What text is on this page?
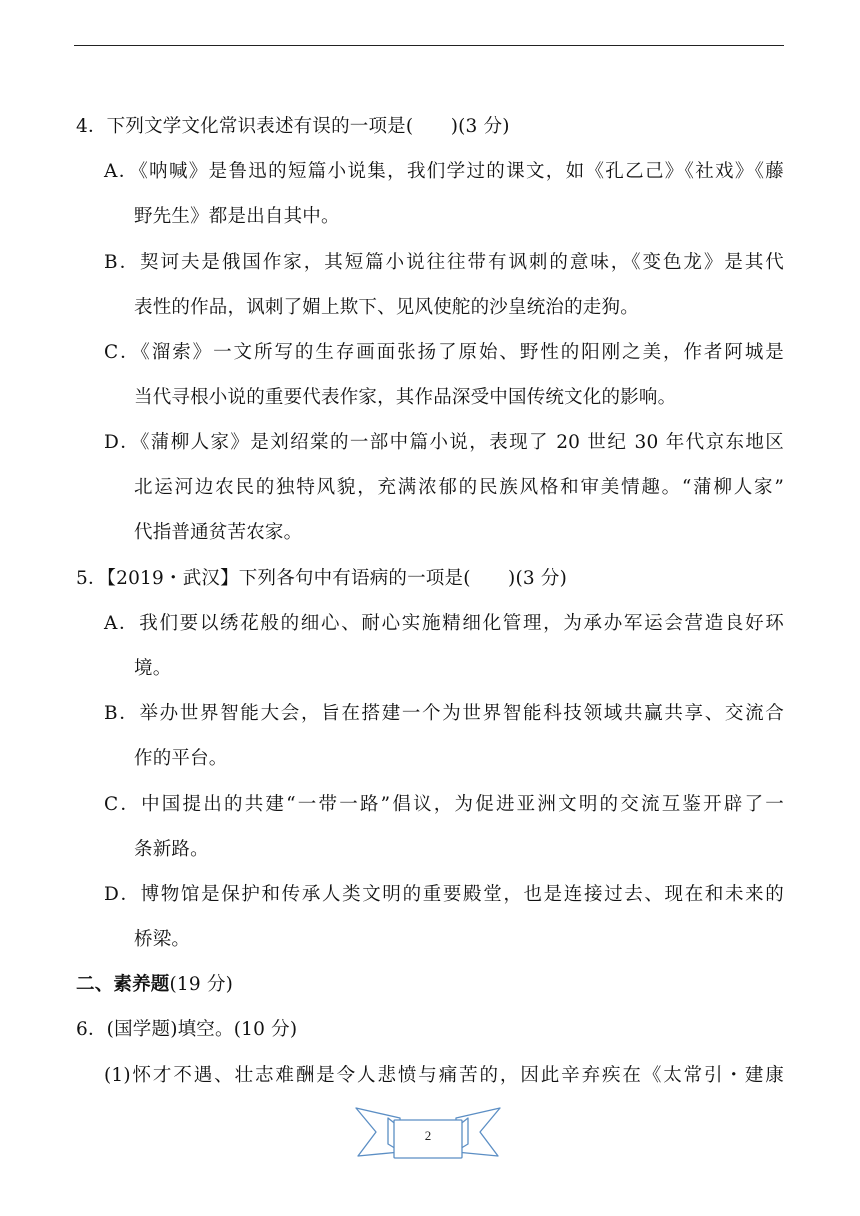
4．下列文学文化常识表述有误的一项是(　　)(3 分)
A．《呐喊》是鲁迅的短篇小说集，我们学过的课文，如《孔乙己》《社戏》《藤
野先生》都是出自其中。
B．契诃夫是俄国作家，其短篇小说往往带有讽刺的意味，《变色龙》是其代
表性的作品，讽刺了媚上欺下、见风使舵的沙皇统治的走狗。
C．《溜索》一文所写的生存画面张扬了原始、野性的阳刚之美，作者阿城是
当代寻根小说的重要代表作家，其作品深受中国传统文化的影响。
D．《蒲柳人家》是刘绍棠的一部中篇小说，表现了 20 世纪 30 年代京东地区
北运河边农民的独特风貌，充满浓郁的民族风格和审美情趣。“蒲柳人家”
代指普通贫苦农家。
5．【2019・武汉】下列各句中有语病的一项是(　　)(3 分)
A．我们要以绣花般的细心、耐心实施精细化管理，为承办军运会营造良好环
境。
B．举办世界智能大会，旨在搭建一个为世界智能科技领域共赢共享、交流合
作的平台。
C．中国提出的共建“一带一路”倡议，为促进亚洲文明的交流互鉴开辟了一
条新路。
D．博物馆是保护和传承人类文明的重要殿堂，也是连接过去、现在和未来的
桥梁。
二、素养题(19 分)
6．(国学题)填空。(10 分)
(1)怀才不遇、壮志难酬是令人悲愤与痛苦的，因此辛弃疾在《太常引・建康
2
